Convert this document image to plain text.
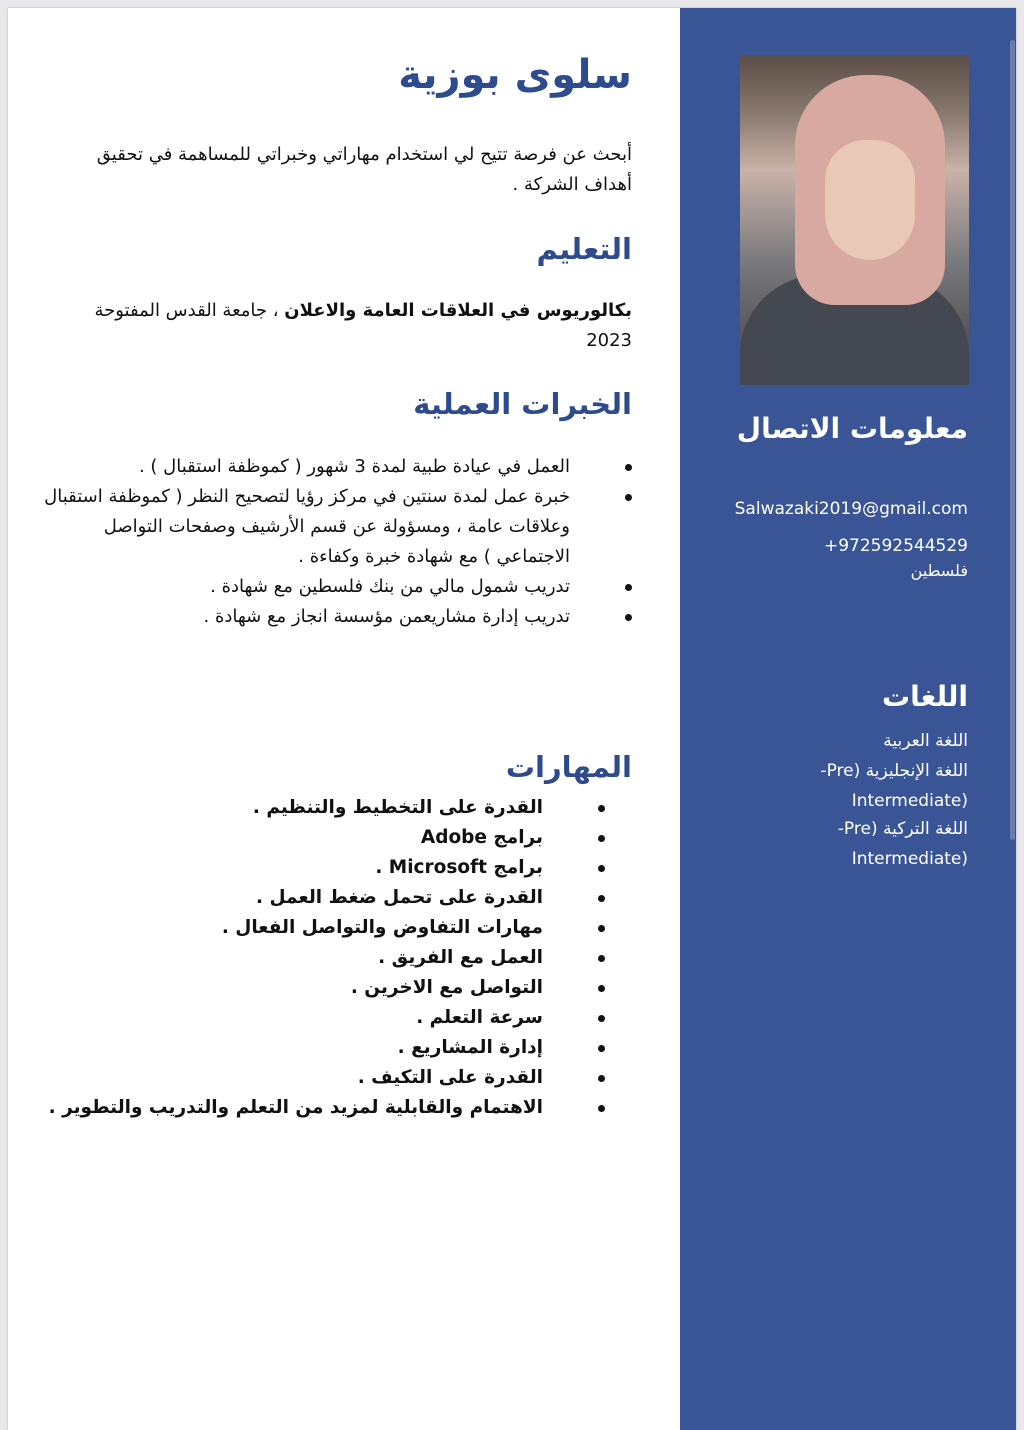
معلومات الاتصال

Salwazaki2019@gmail.com

+972592544529

فلسطين

اللغات

اللغة العربية

اللغة الإنجليزية (Pre-

Intermediate)

اللغة التركية (Pre-

Intermediate)

سلوى بوزية

أبحث عن فرصة تتيح لي استخدام مهاراتي وخبراتي للمساهمة في تحقيق أهداف الشركة .

التعليم

بكالوريوس في العلاقات العامة والاعلان ، جامعة القدس المفتوحة 2023

الخبرات العملية
العمل في عيادة طبية لمدة 3 شهور ( كموظفة استقبال ) .
خبرة عمل لمدة سنتين في مركز رؤيا لتصحيح النظر ( كموظفة استقبال وعلاقات عامة ، ومسؤولة عن قسم الأرشيف وصفحات التواصل الاجتماعي ) مع شهادة خبرة وكفاءة .
تدريب شمول مالي من بنك فلسطين مع شهادة .
تدريب إدارة مشاريعمن مؤسسة انجاز مع شهادة .
المهارات
القدرة على التخطيط والتنظيم .
برامج Adobe
برامج Microsoft .
القدرة على تحمل ضغط العمل .
مهارات التفاوض والتواصل الفعال .
العمل مع الفريق .
التواصل مع الاخرين .
سرعة التعلم .
إدارة المشاريع .
القدرة على التكيف .
الاهتمام والقابلية لمزيد من التعلم والتدريب والتطوير .
